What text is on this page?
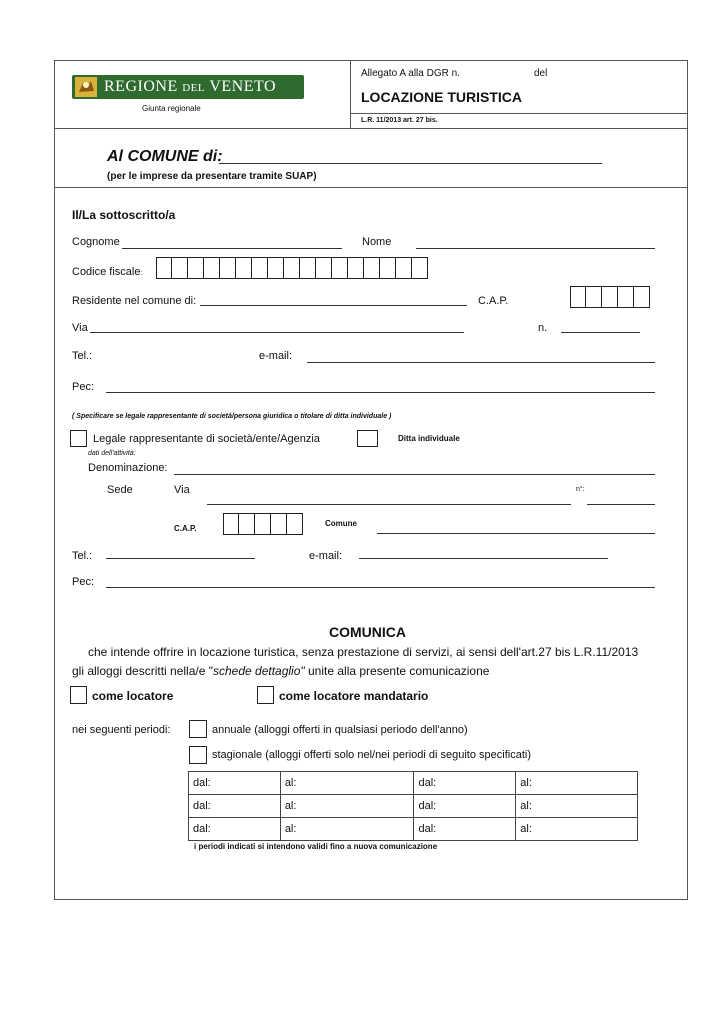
REGIONE DEL VENETO
Giunta regionale
Allegato A alla DGR n.	del
LOCAZIONE TURISTICA
L.R. 11/2013 art. 27 bis.
Al COMUNE di:
(per le imprese da presentare tramite SUAP)
Il/La sottoscritto/a
Cognome	Nome
Codice fiscale:
Residente nel comune di:	C.A.P.
Via	n.
Tel.:	e-mail:
Pec:
( Specificare se legale rappresentante di società/persona giuridica o titolare di ditta individuale )
Legale rappresentante di società/ente/Agenzia	Ditta individuale
dati dell'attività:
Denominazione:
Sede	Via	n°:
C.A.P.
Comune
Tel.:	e-mail:
Pec:
COMUNICA
che intende offrire in locazione turistica, senza prestazione di servizi, ai sensi dell'art.27 bis L.R.11/2013
gli alloggi descritti nella/e "schede dettaglio" unite alla presente comunicazione
come locatore	come locatore mandatario
nei seguenti periodi:	annuale (alloggi offerti in qualsiasi periodo dell'anno)
stagionale (alloggi offerti solo nel/nei periodi di seguito specificati)
dal:	al:	dal:	al:
dal:	al:	dal:	al:
dal:	al:	dal:	al:
i periodi indicati si intendono validi fino a nuova comunicazione
